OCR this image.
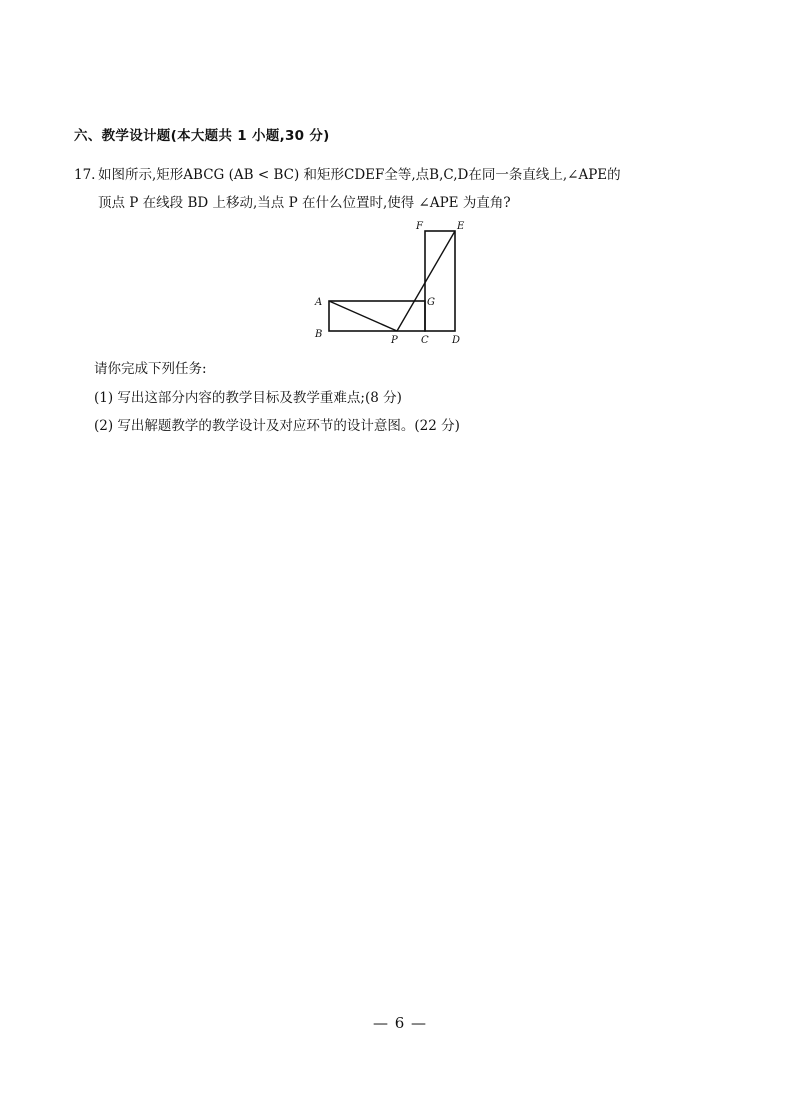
六、教学设计题(本大题共 1 小题,30 分)
17. 如图所示,矩形ABCG (AB < BC) 和矩形CDEF全等,点B,C,D在同一条直线上,∠APE的
顶点 P 在线段 BD 上移动,当点 P 在什么位置时,使得 ∠APE 为直角?
A
B
P C D
G
F	E
请你完成下列任务:
(1) 写出这部分内容的教学目标及教学重难点;(8 分)
(2) 写出解题教学的教学设计及对应环节的设计意图。(22 分)
— 6 —
